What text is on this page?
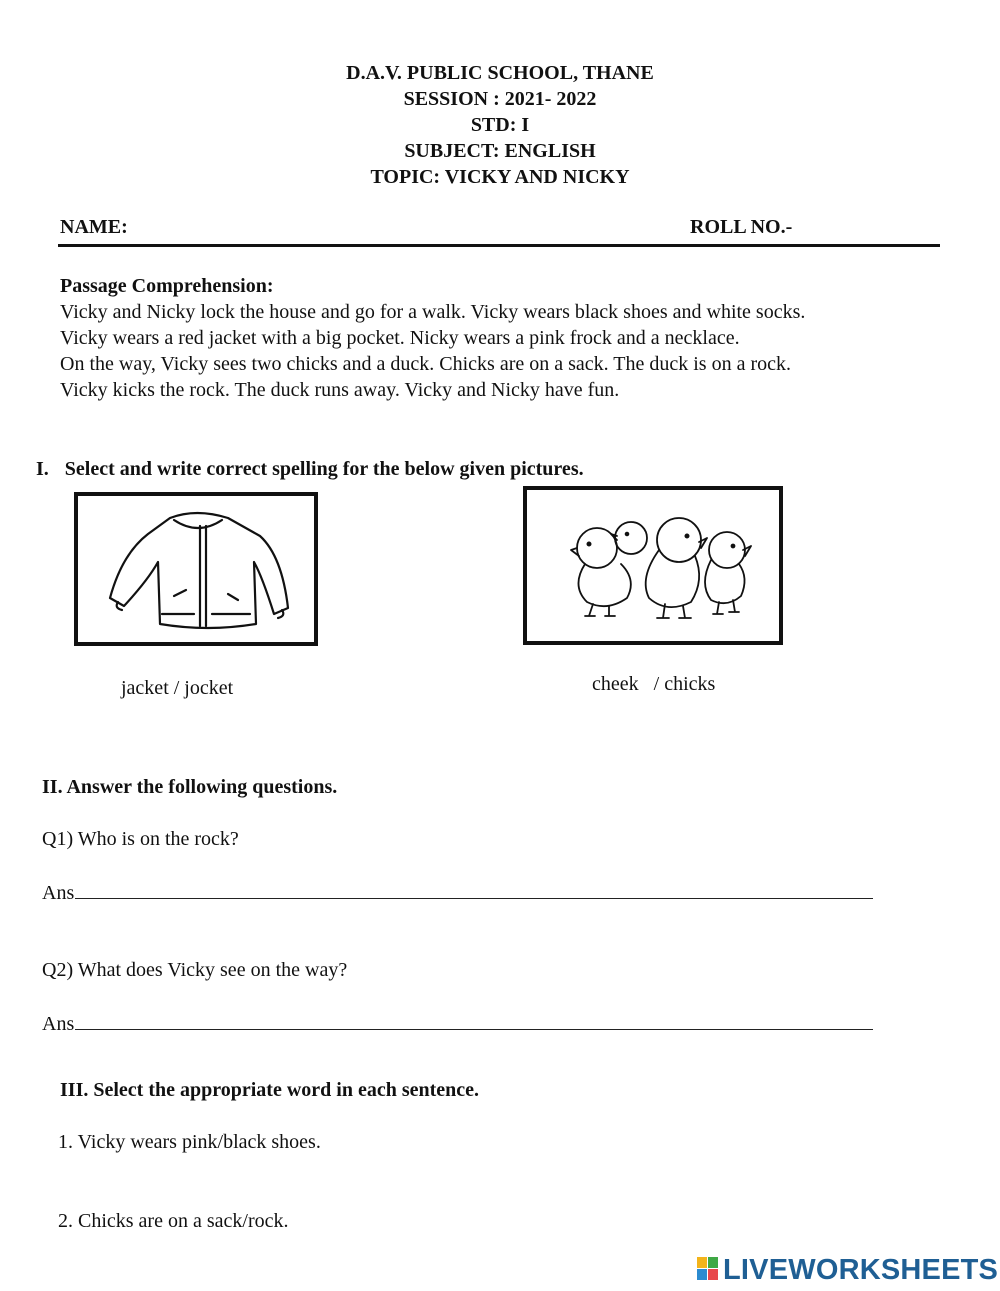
D.A.V. PUBLIC SCHOOL, THANE
SESSION : 2021- 2022
STD: I
SUBJECT: ENGLISH
TOPIC: VICKY AND NICKY
NAME:	ROLL NO.-
Passage Comprehension:
Vicky and Nicky lock the house and go for a walk. Vicky wears black shoes and white socks.
Vicky wears a red jacket with a big pocket. Nicky wears a pink frock and a necklace.
On the way, Vicky sees two chicks and a duck. Chicks are on a sack. The duck is on a rock.
Vicky kicks the rock. The duck runs away. Vicky and Nicky have fun.
I. Select and write correct spelling for the below given pictures.
jacket / jocket	cheek   / chicks
II. Answer the following questions.
Q1) Who is on the rock?
Ans
Q2) What does Vicky see on the way?
Ans
III. Select the appropriate word in each sentence.
1. Vicky wears pink/black shoes.
2. Chicks are on a sack/rock.
LIVEWORKSHEETS
